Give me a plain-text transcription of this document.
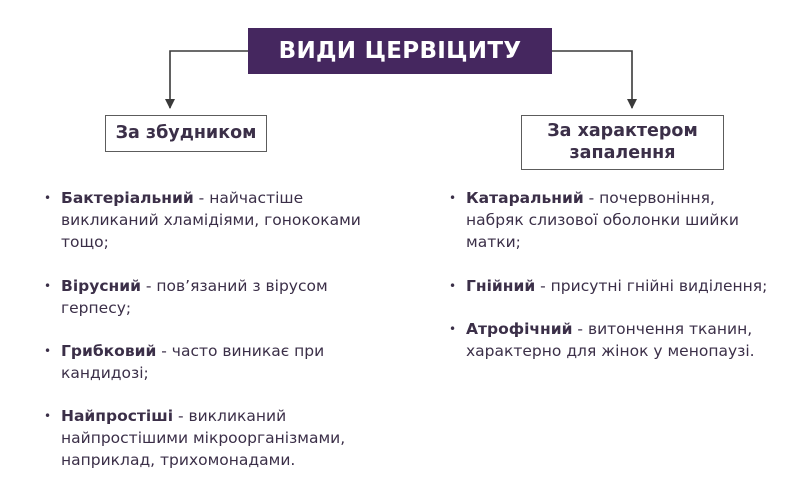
ВИДИ ЦЕРВІЦИТУ
За збудником	За характером запалення
• Бактеріальний - найчастіше викликаний хламідіями, гонококами тощо;
• Вірусний - пов’язаний з вірусом герпесу;
• Грибковий - часто виникає при кандидозі;
• Найпростіші - викликаний найпростішими мікроорганізмами, наприклад, трихомонадами.
• Катаральний - почервоніння, набряк слизової оболонки шийки матки;
• Гнійний - присутні гнійні виділення;
• Атрофічний - витончення тканин, характерно для жінок у менопаузі.
